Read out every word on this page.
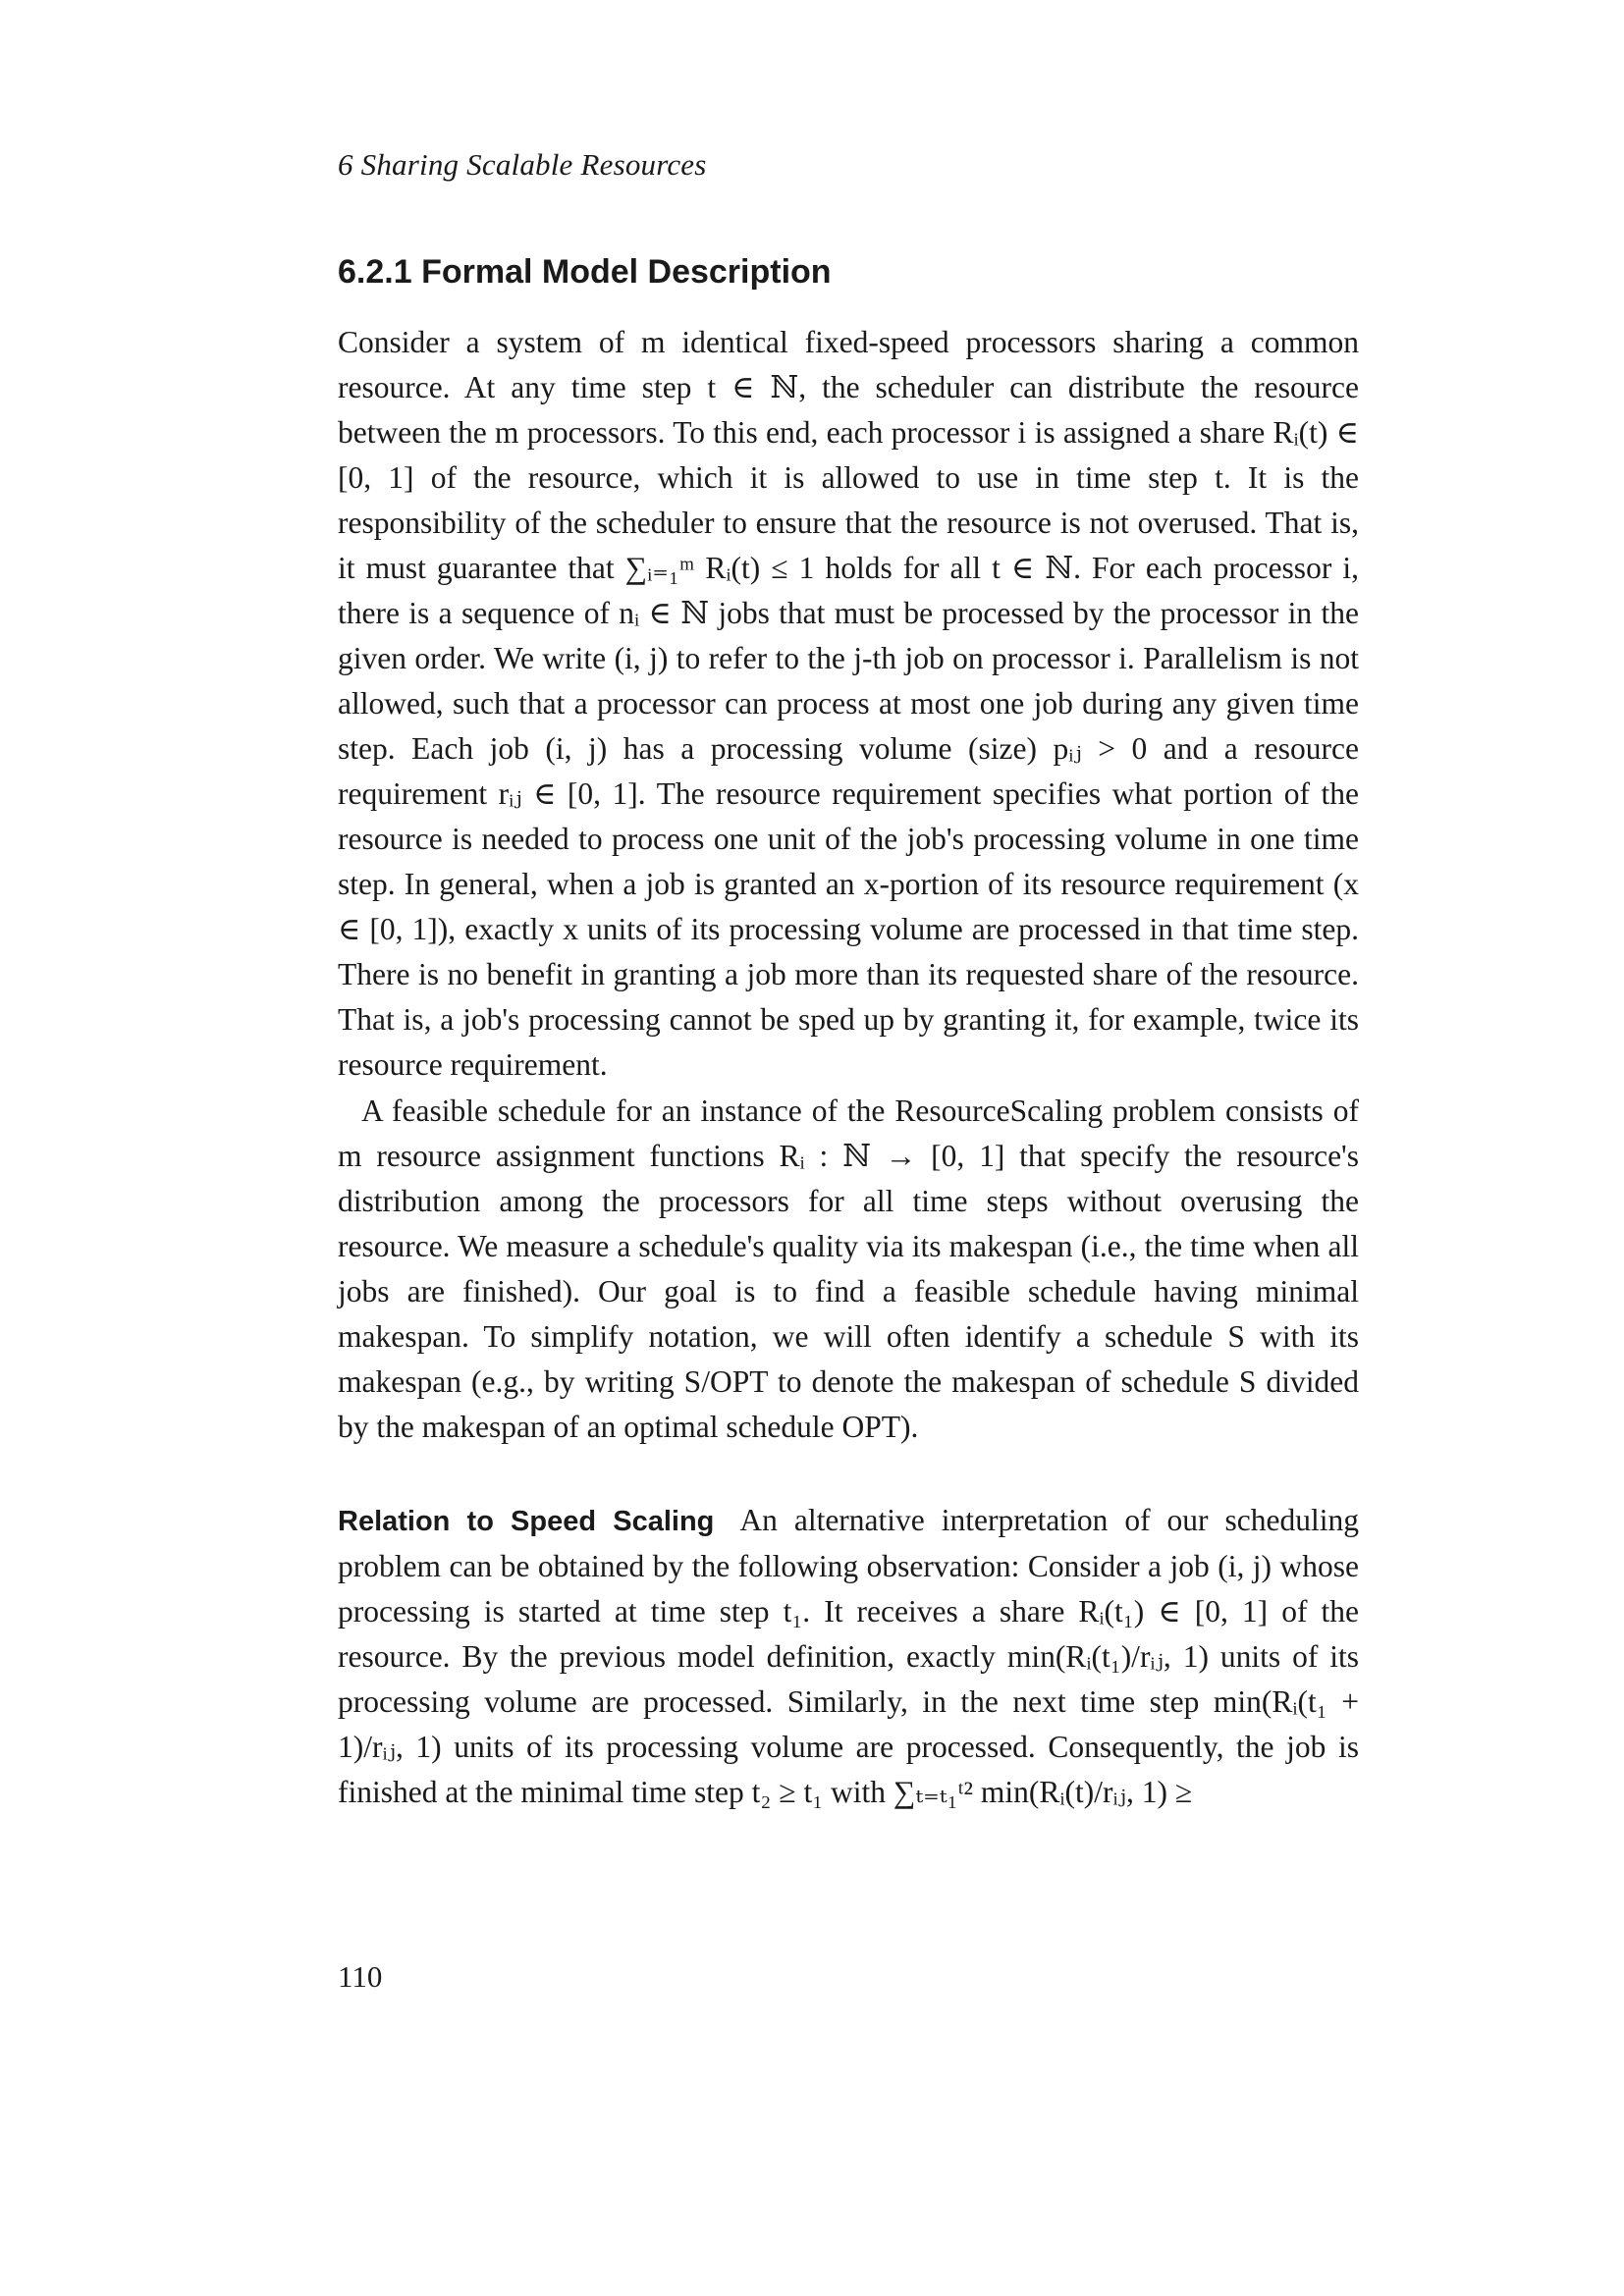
6 Sharing Scalable Resources
6.2.1 Formal Model Description

Consider a system of m identical fixed-speed processors sharing a common resource. At any time step t ∈ ℕ, the scheduler can distribute the resource between the m processors. To this end, each processor i is assigned a share Rᵢ(t) ∈ [0, 1] of the resource, which it is allowed to use in time step t. It is the responsibility of the scheduler to ensure that the resource is not overused. That is, it must guarantee that ∑ᵢ₌₁ᵐ Rᵢ(t) ≤ 1 holds for all t ∈ ℕ. For each processor i, there is a sequence of nᵢ ∈ ℕ jobs that must be processed by the processor in the given order. We write (i, j) to refer to the j-th job on processor i. Parallelism is not allowed, such that a processor can process at most one job during any given time step. Each job (i, j) has a processing volume (size) pᵢⱼ > 0 and a resource requirement rᵢⱼ ∈ [0, 1]. The resource requirement specifies what portion of the resource is needed to process one unit of the job's processing volume in one time step. In general, when a job is granted an x-portion of its resource requirement (x ∈ [0, 1]), exactly x units of its processing volume are processed in that time step. There is no benefit in granting a job more than its requested share of the resource. That is, a job's processing cannot be sped up by granting it, for example, twice its resource requirement.

A feasible schedule for an instance of the ResourceScaling problem consists of m resource assignment functions Rᵢ : ℕ → [0, 1] that specify the resource's distribution among the processors for all time steps without overusing the resource. We measure a schedule's quality via its makespan (i.e., the time when all jobs are finished). Our goal is to find a feasible schedule having minimal makespan. To simplify notation, we will often identify a schedule S with its makespan (e.g., by writing S/OPT to denote the makespan of schedule S divided by the makespan of an optimal schedule OPT).

Relation to Speed Scaling An alternative interpretation of our scheduling problem can be obtained by the following observation: Consider a job (i, j) whose processing is started at time step t₁. It receives a share Rᵢ(t₁) ∈ [0, 1] of the resource. By the previous model definition, exactly min(Rᵢ(t₁)/rᵢⱼ, 1) units of its processing volume are processed. Similarly, in the next time step min(Rᵢ(t₁ + 1)/rᵢⱼ, 1) units of its processing volume are processed. Consequently, the job is finished at the minimal time step t₂ ≥ t₁ with ∑ₜ₌ₜ₁ᵗ² min(Rᵢ(t)/rᵢⱼ, 1) ≥

110
